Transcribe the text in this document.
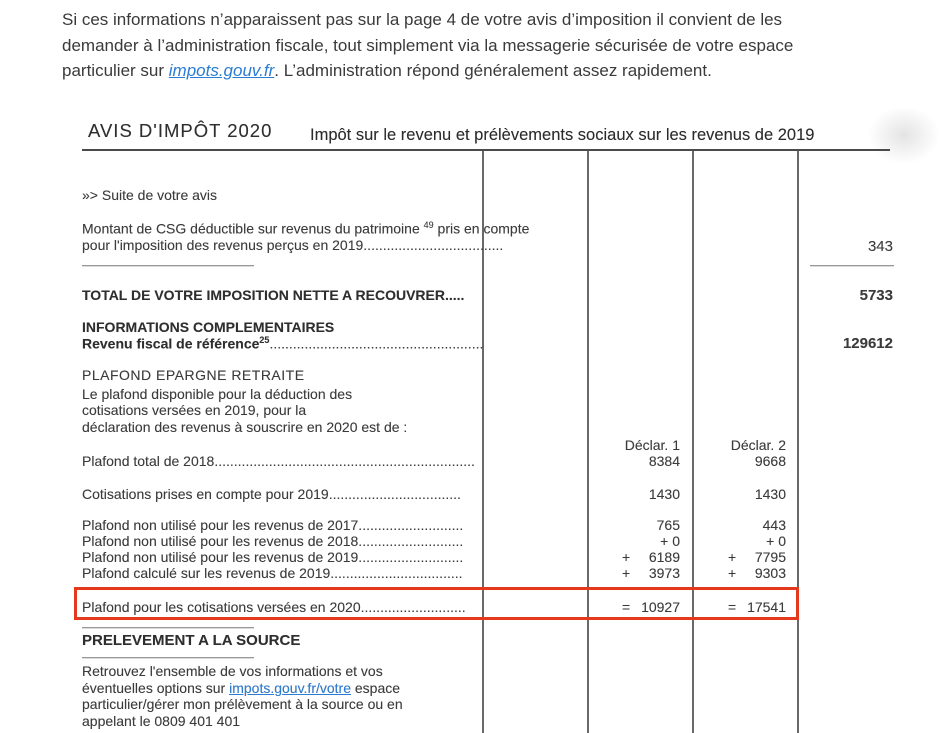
Si ces informations n’apparaissent pas sur la page 4 de votre avis d’imposition il convient de les
demander à l’administration fiscale, tout simplement via la messagerie sécurisée de votre espace
particulier sur impots.gouv.fr. L’administration répond généralement assez rapidement.

AVIS D'IMPÔT 2020 Impôt sur le revenu et prélèvements sociaux sur les revenus de 2019
»> Suite de votre avis
Montant de CSG déductible sur revenus du patrimoine $^{49}$ pris en compte
pour l'imposition des revenus perçus en 2019....................................	343
TOTAL DE VOTRE IMPOSITION NETTE A RECOUVRER.....	5733
INFORMATIONS COMPLEMENTAIRES
Revenu fiscal de référence$^{25}$.......................................................	129612
PLAFOND EPARGNE RETRAITE
Le plafond disponible pour la déduction des
cotisations versées en 2019, pour la
déclaration des revenus à souscrire en 2020 est de :
Déclar. 1	Déclar. 2
Plafond total de 2018...................................................................	8384	9668
Cotisations prises en compte pour 2019..................................	1430	1430
Plafond non utilisé pour les revenus de 2017...........................	765	443
Plafond non utilisé pour les revenus de 2018...........................	+ 0	+ 0
Plafond non utilisé pour les revenus de 2019...........................	+	6189	+	7795
Plafond calculé sur les revenus de 2019..................................	+	3973	+	9303
Plafond pour les cotisations versées en 2020...........................	= 10927	= 17541
PRELEVEMENT A LA SOURCE
Retrouvez l'ensemble de vos informations et vos
éventuelles options sur impots.gouv.fr/votre espace
particulier/gérer mon prélèvement à la source ou en
appelant le 0809 401 401
